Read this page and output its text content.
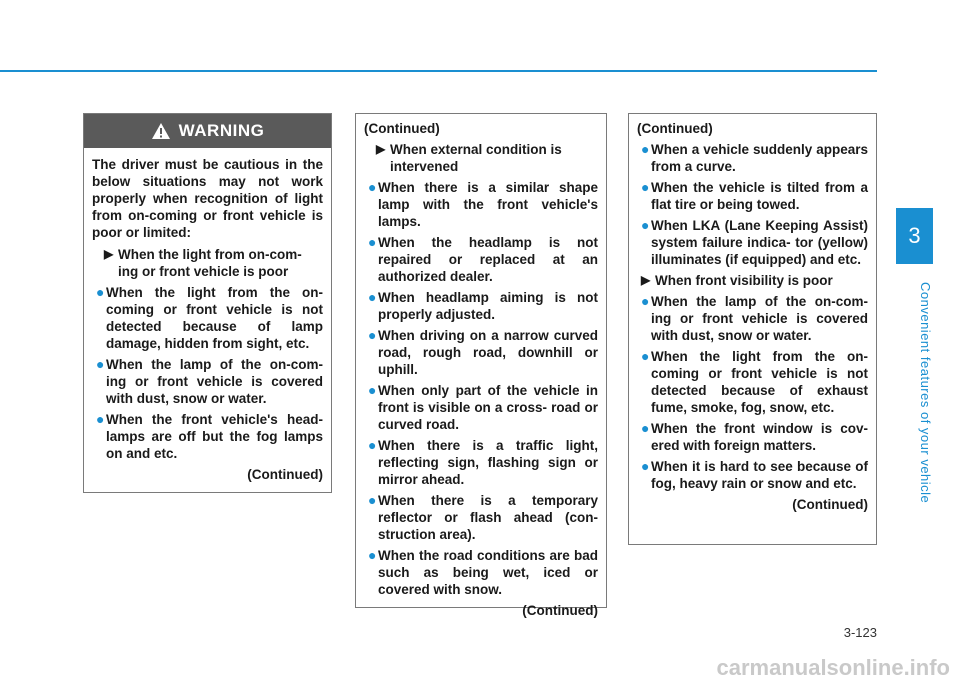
3
Convenient features of your vehicle
WARNING
The driver must be cautious in the below situations may not work properly when recognition of light from on-coming or front vehicle is poor or limited:
▶ When the light from on-com- ing or front vehicle is poor
● When the light from the on- coming or front vehicle is not detected because of lamp damage, hidden from sight, etc.
● When the lamp of the on-com- ing or front vehicle is covered with dust, snow or water.
● When the front vehicle's head- lamps are off but the fog lamps on and etc.
(Continued)
(Continued)
▶ When external condition is intervened
● When there is a similar shape lamp with the front vehicle's lamps.
● When the headlamp is not repaired or replaced at an authorized dealer.
● When headlamp aiming is not properly adjusted.
● When driving on a narrow curved road, rough road, downhill or uphill.
● When only part of the vehicle in front is visible on a cross- road or curved road.
● When there is a traffic light, reflecting sign, flashing sign or mirror ahead.
● When there is a temporary reflector or flash ahead (con- struction area).
● When the road conditions are bad such as being wet, iced or covered with snow.
(Continued)
(Continued)
● When a vehicle suddenly appears from a curve.
● When the vehicle is tilted from a flat tire or being towed.
● When LKA (Lane Keeping Assist) system failure indica- tor (yellow) illuminates (if equipped) and etc.
▶ When front visibility is poor
● When the lamp of the on-com- ing or front vehicle is covered with dust, snow or water.
● When the light from the on- coming or front vehicle is not detected because of exhaust fume, smoke, fog, snow, etc.
● When the front window is cov- ered with foreign matters.
● When it is hard to see because of fog, heavy rain or snow and etc.
(Continued)
3-123
carmanualsonline.info
